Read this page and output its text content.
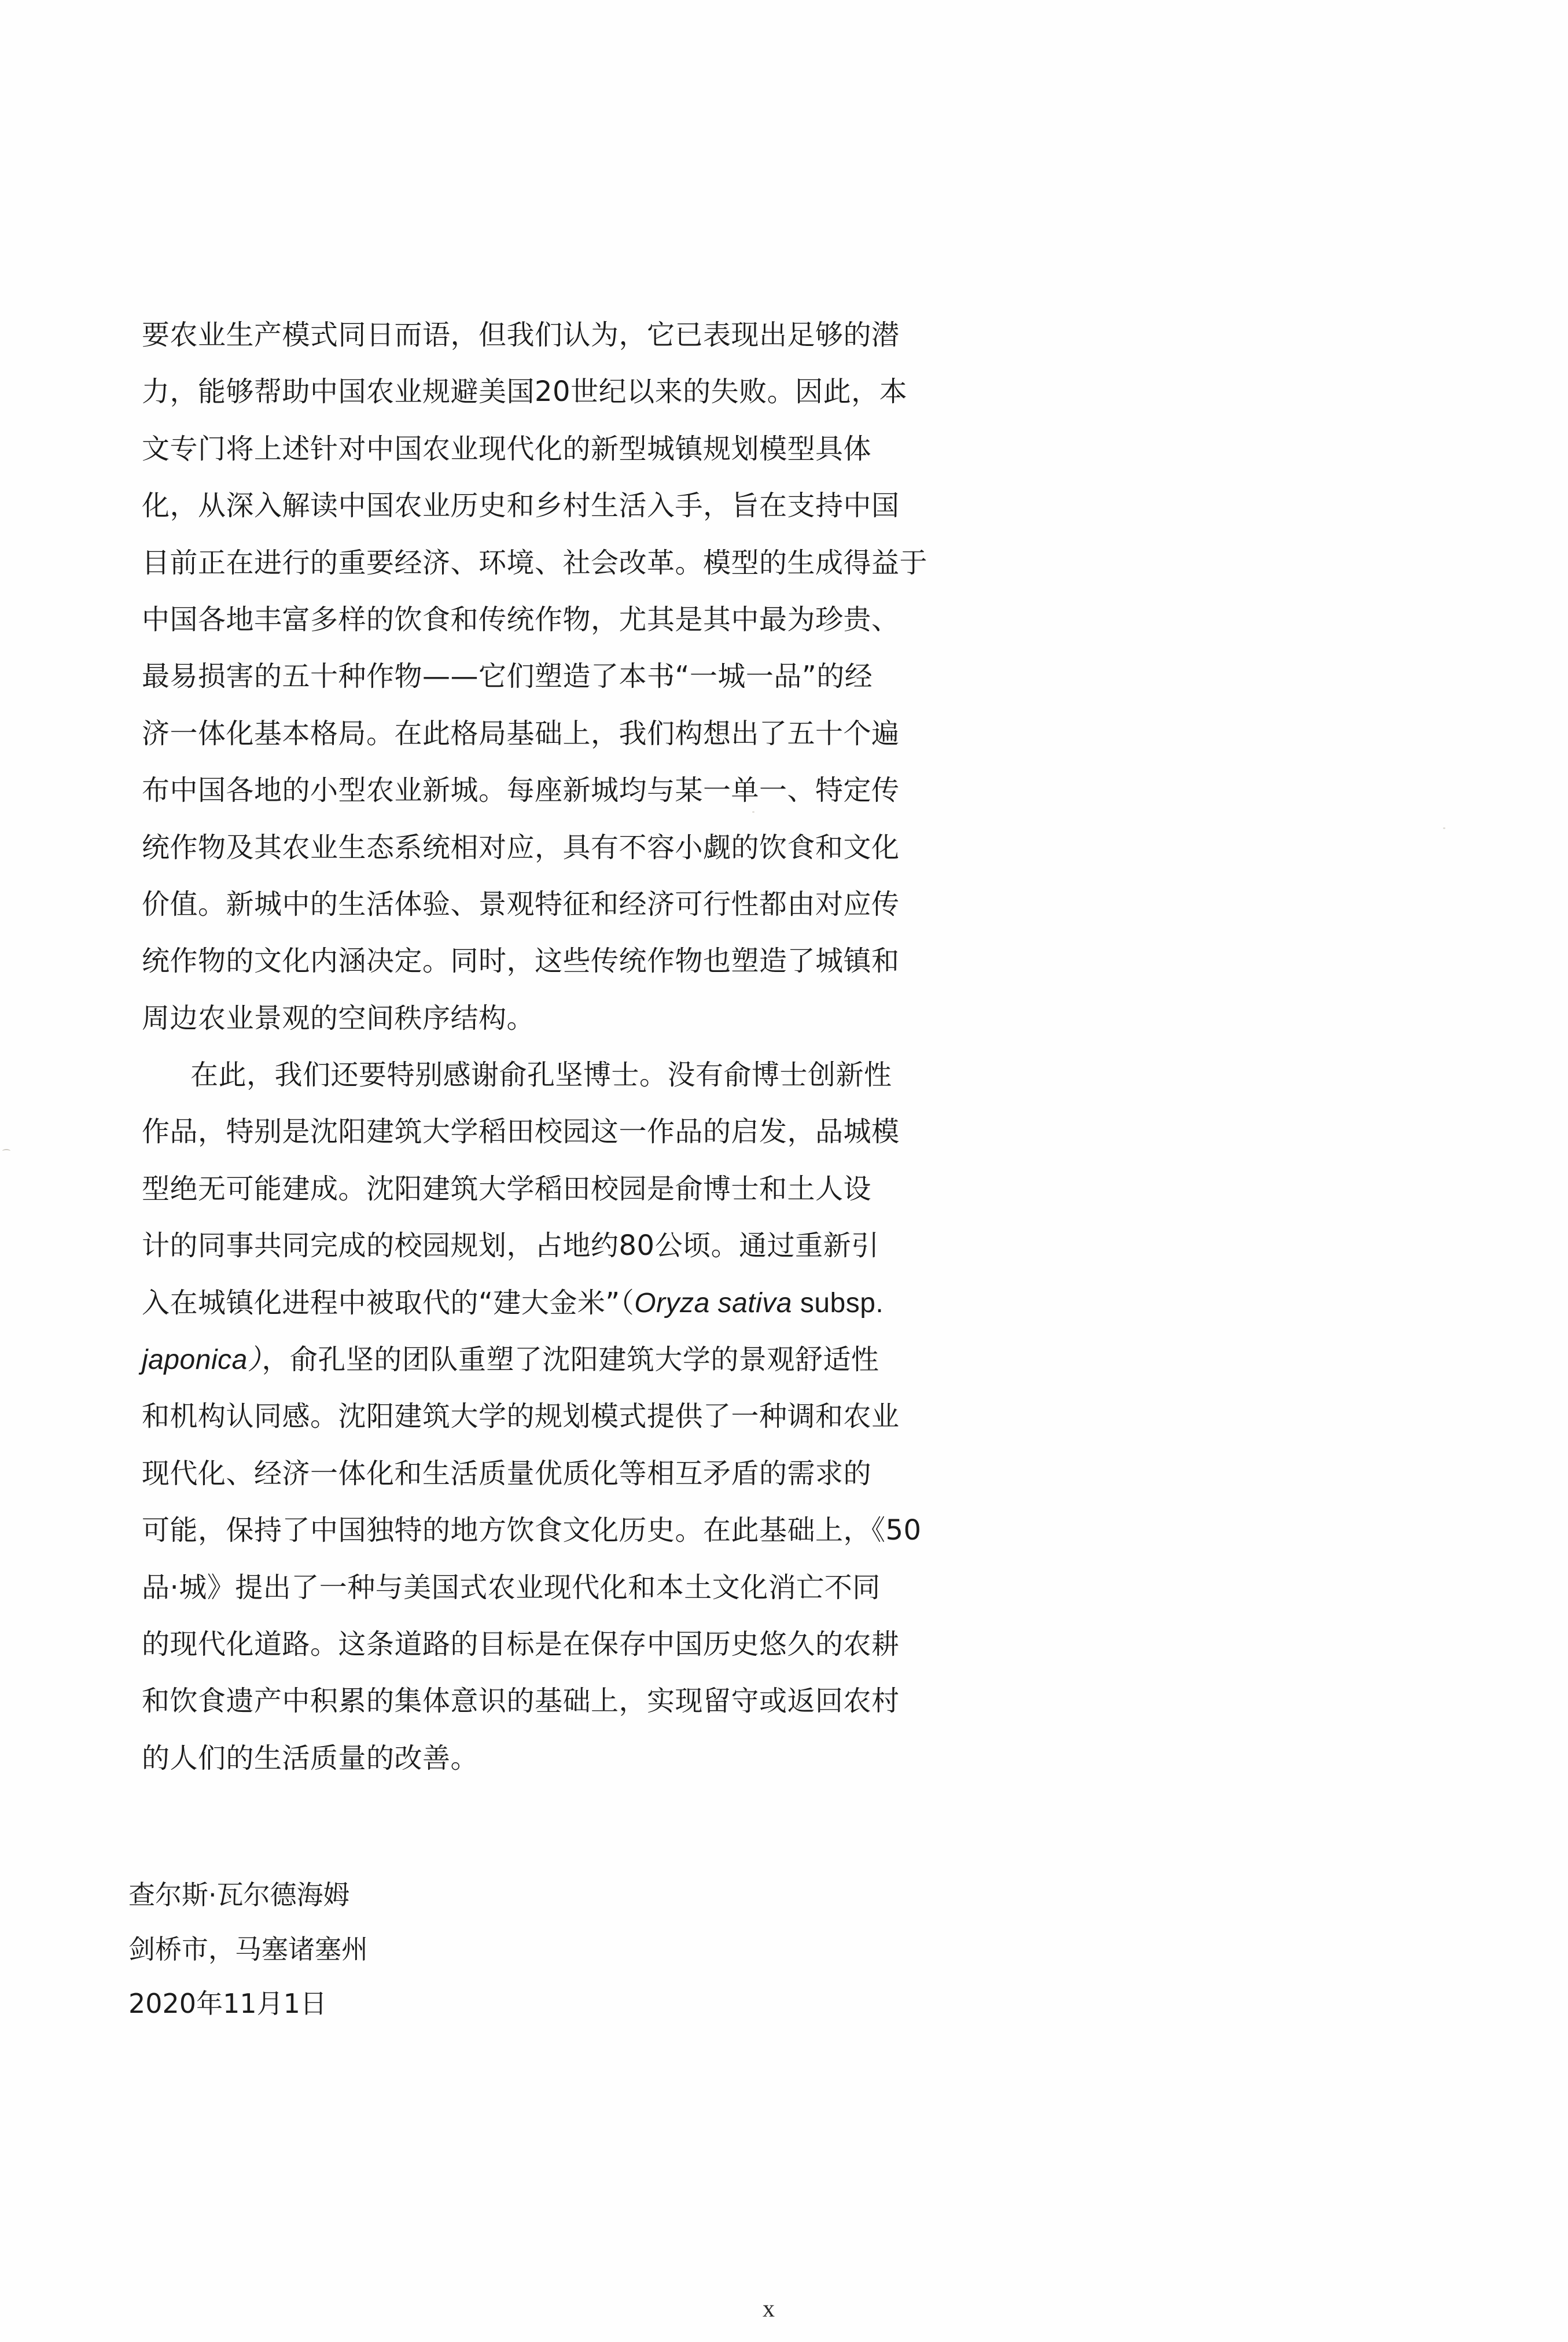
要农业生产模式同日而语，但我们认为，它已表现出足够的潜
力，能够帮助中国农业规避美国20世纪以来的失败。因此，本
文专门将上述针对中国农业现代化的新型城镇规划模型具体
化，从深入解读中国农业历史和乡村生活入手，旨在支持中国
目前正在进行的重要经济、环境、社会改革。模型的生成得益于
中国各地丰富多样的饮食和传统作物，尤其是其中最为珍贵、
最易损害的五十种作物——它们塑造了本书“一城一品”的经
济一体化基本格局。在此格局基础上，我们构想出了五十个遍
布中国各地的小型农业新城。每座新城均与某一单一、特定传
统作物及其农业生态系统相对应，具有不容小觑的饮食和文化
价值。新城中的生活体验、景观特征和经济可行性都由对应传
统作物的文化内涵决定。同时，这些传统作物也塑造了城镇和
周边农业景观的空间秩序结构。
在此，我们还要特别感谢俞孔坚博士。没有俞博士创新性
作品，特别是沈阳建筑大学稻田校园这一作品的启发，品城模
型绝无可能建成。沈阳建筑大学稻田校园是俞博士和土人设
计的同事共同完成的校园规划，占地约80公顷。通过重新引
入在城镇化进程中被取代的“建大金米”（Oryza sativa subsp.
japonica），俞孔坚的团队重塑了沈阳建筑大学的景观舒适性
和机构认同感。沈阳建筑大学的规划模式提供了一种调和农业
现代化、经济一体化和生活质量优质化等相互矛盾的需求的
可能，保持了中国独特的地方饮食文化历史。在此基础上，《50
品·城》提出了一种与美国式农业现代化和本土文化消亡不同
的现代化道路。这条道路的目标是在保存中国历史悠久的农耕
和饮食遗产中积累的集体意识的基础上，实现留守或返回农村
的人们的生活质量的改善。
查尔斯·瓦尔德海姆
剑桥市，马塞诸塞州
2020年11月1日
x
